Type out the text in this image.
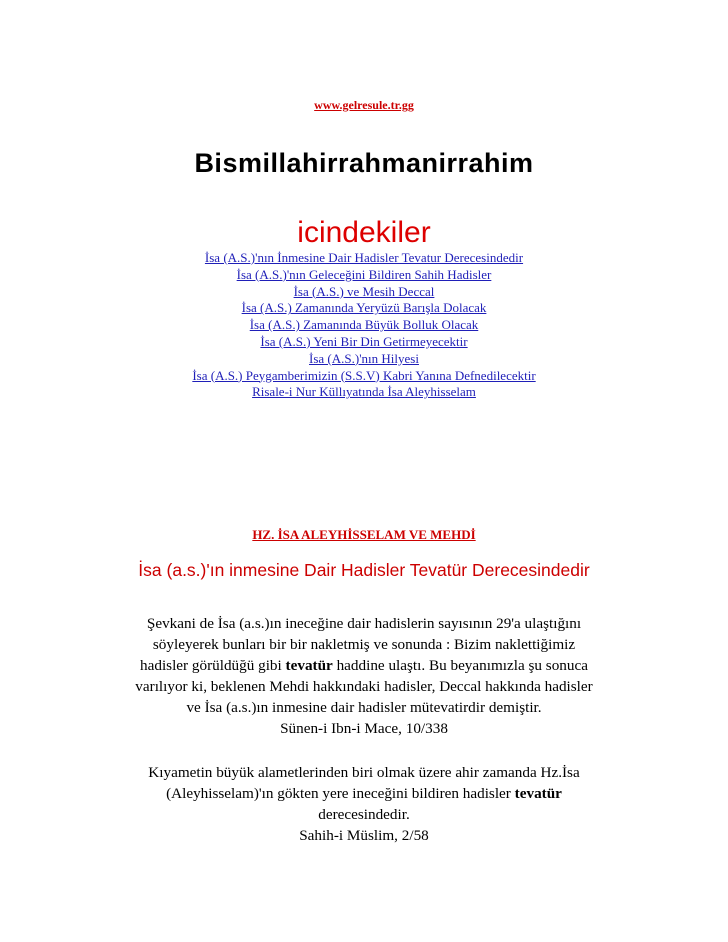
www.gelresule.tr.gg
Bismillahirrahmanirrahim
icindekiler
İsa (A.S.)'nın İnmesine Dair Hadisler Tevatur Derecesindedir
İsa (A.S.)'nın Geleceğini Bildiren Sahih Hadisler
İsa (A.S.) ve Mesih Deccal
İsa (A.S.) Zamanında Yeryüzü Barışla Dolacak
İsa (A.S.) Zamanında Büyük Bolluk Olacak
İsa (A.S.) Yeni Bir Din Getirmeyecektir
İsa (A.S.)'nın Hilyesi
İsa (A.S.) Peygamberimizin (S.S.V) Kabri Yanına Defnedilecektir
Risale-i Nur Küllıyatında İsa Aleyhisselam
HZ. İSA ALEYHİSSELAM VE MEHDİ
İsa (a.s.)'ın inmesine Dair Hadisler Tevatür Derecesindedir
Şevkani de İsa (a.s.)ın ineceğine dair hadislerin sayısının 29'a ulaştığını
söyleyerek bunları bir bir nakletmiş ve sonunda : Bizim naklettiğimiz
hadisler görüldüğü gibi tevatür haddine ulaştı. Bu beyanımızla şu sonuca
varılıyor ki, beklenen Mehdi hakkındaki hadisler, Deccal hakkında hadisler
ve İsa (a.s.)ın inmesine dair hadisler mütevatirdir demiştir.
Sünen-i Ibn-i Mace, 10/338
Kıyametin büyük alametlerinden biri olmak üzere ahir zamanda Hz.İsa
(Aleyhisselam)'ın gökten yere ineceğini bildiren hadisler tevatür
derecesindedir.
Sahih-i Müslim, 2/58
